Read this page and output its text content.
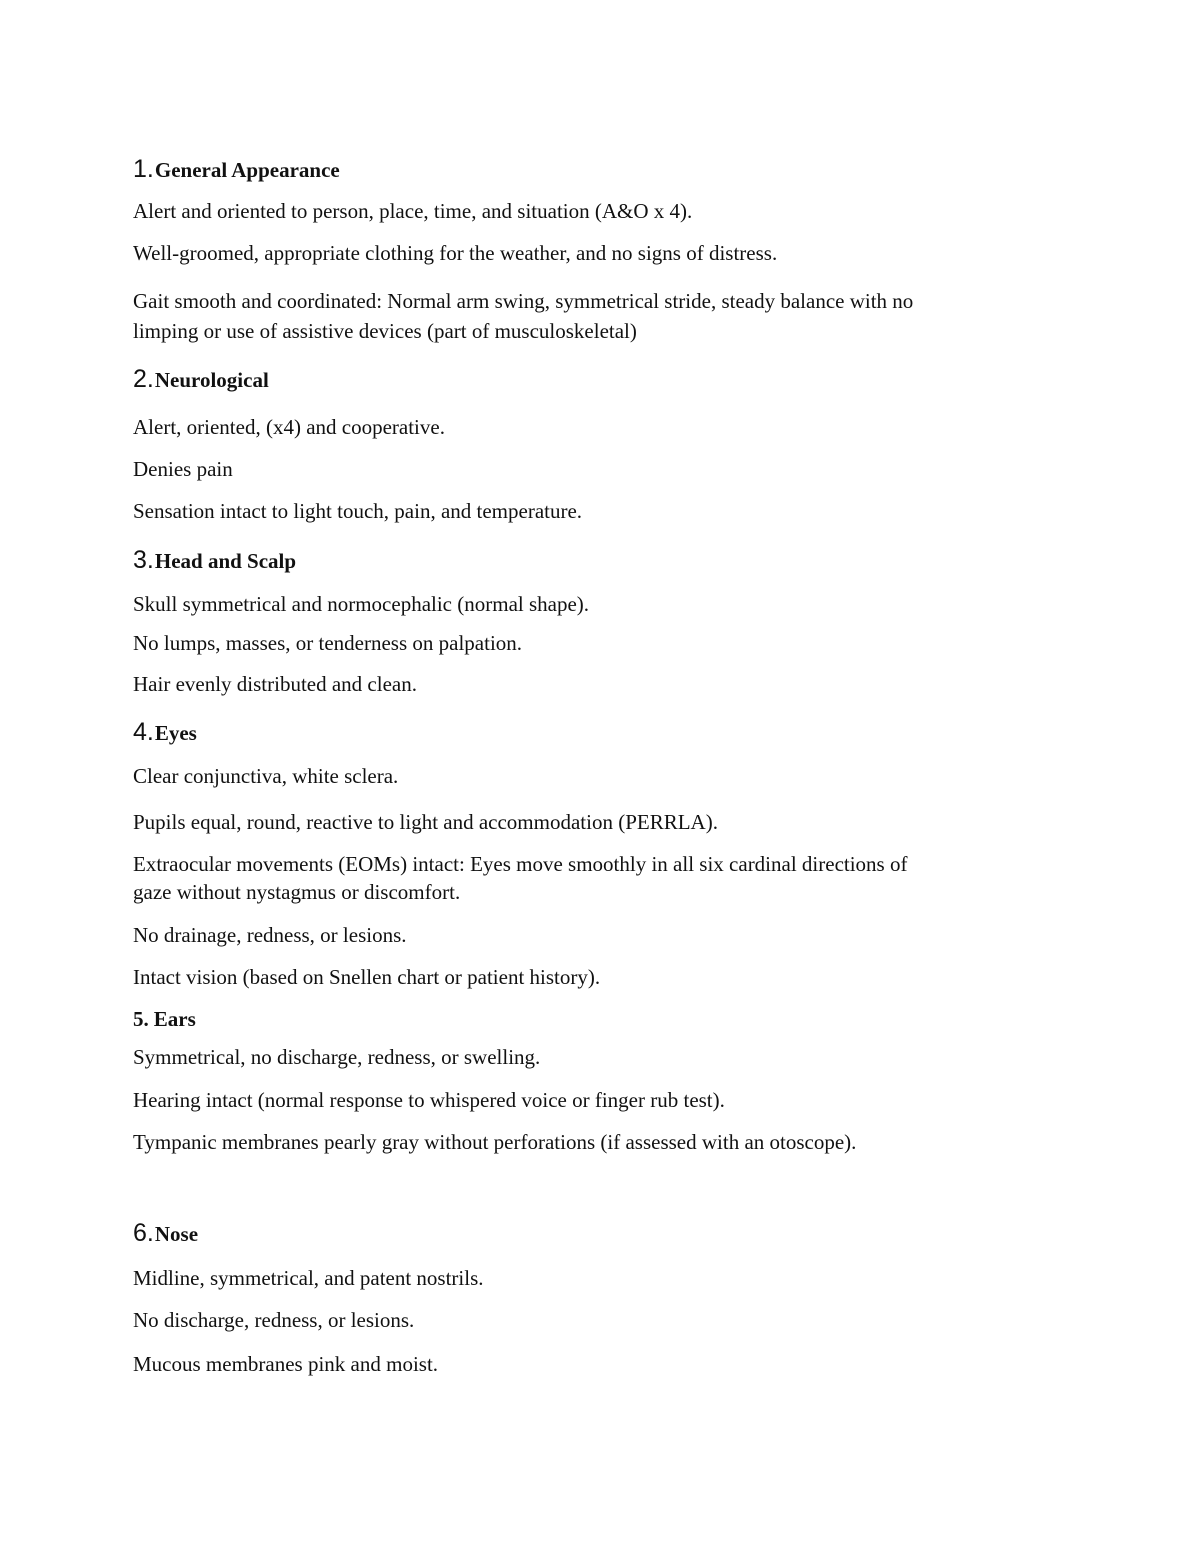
1.General Appearance
Alert and oriented to person, place, time, and situation (A&O x 4).
Well-groomed, appropriate clothing for the weather, and no signs of distress.
Gait smooth and coordinated: Normal arm swing, symmetrical stride, steady balance with no
limping or use of assistive devices (part of musculoskeletal)
2.Neurological
Alert, oriented, (x4) and cooperative.
Denies pain
Sensation intact to light touch, pain, and temperature.
3.Head and Scalp
Skull symmetrical and normocephalic (normal shape).
No lumps, masses, or tenderness on palpation.
Hair evenly distributed and clean.
4.Eyes
Clear conjunctiva, white sclera.
Pupils equal, round, reactive to light and accommodation (PERRLA).
Extraocular movements (EOMs) intact: Eyes move smoothly in all six cardinal directions of
gaze without nystagmus or discomfort.
No drainage, redness, or lesions.
Intact vision (based on Snellen chart or patient history).
5. Ears
Symmetrical, no discharge, redness, or swelling.
Hearing intact (normal response to whispered voice or finger rub test).
Tympanic membranes pearly gray without perforations (if assessed with an otoscope).
6.Nose
Midline, symmetrical, and patent nostrils.
No discharge, redness, or lesions.
Mucous membranes pink and moist.
